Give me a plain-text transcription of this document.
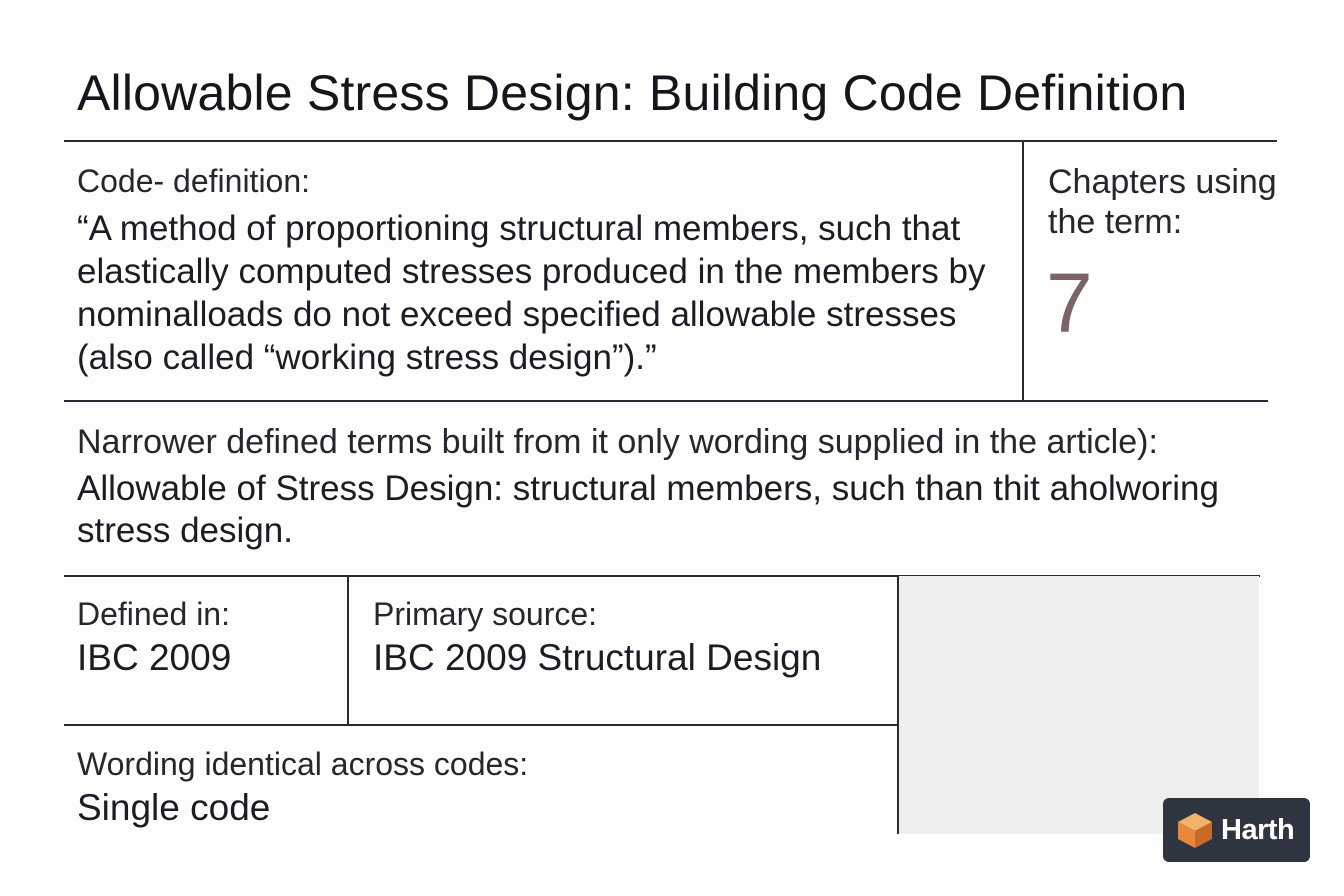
Allowable Stress Design: Building Code Definition
Code- definition:
“A method of proportioning structural members, such that elastically computed stresses produced in the members by nominalloads do not exceed specified allowable stresses (also called “working stress design”).”
Chapters using the term:
7
Narrower defined terms built from it only wording supplied in the article):
Allowable of Stress Design: structural members, such than thit aholworing stress design.
Defined in:
IBC 2009
Primary source:
IBC 2009 Structural Design
Wording identical across codes:
Single code
Harth
